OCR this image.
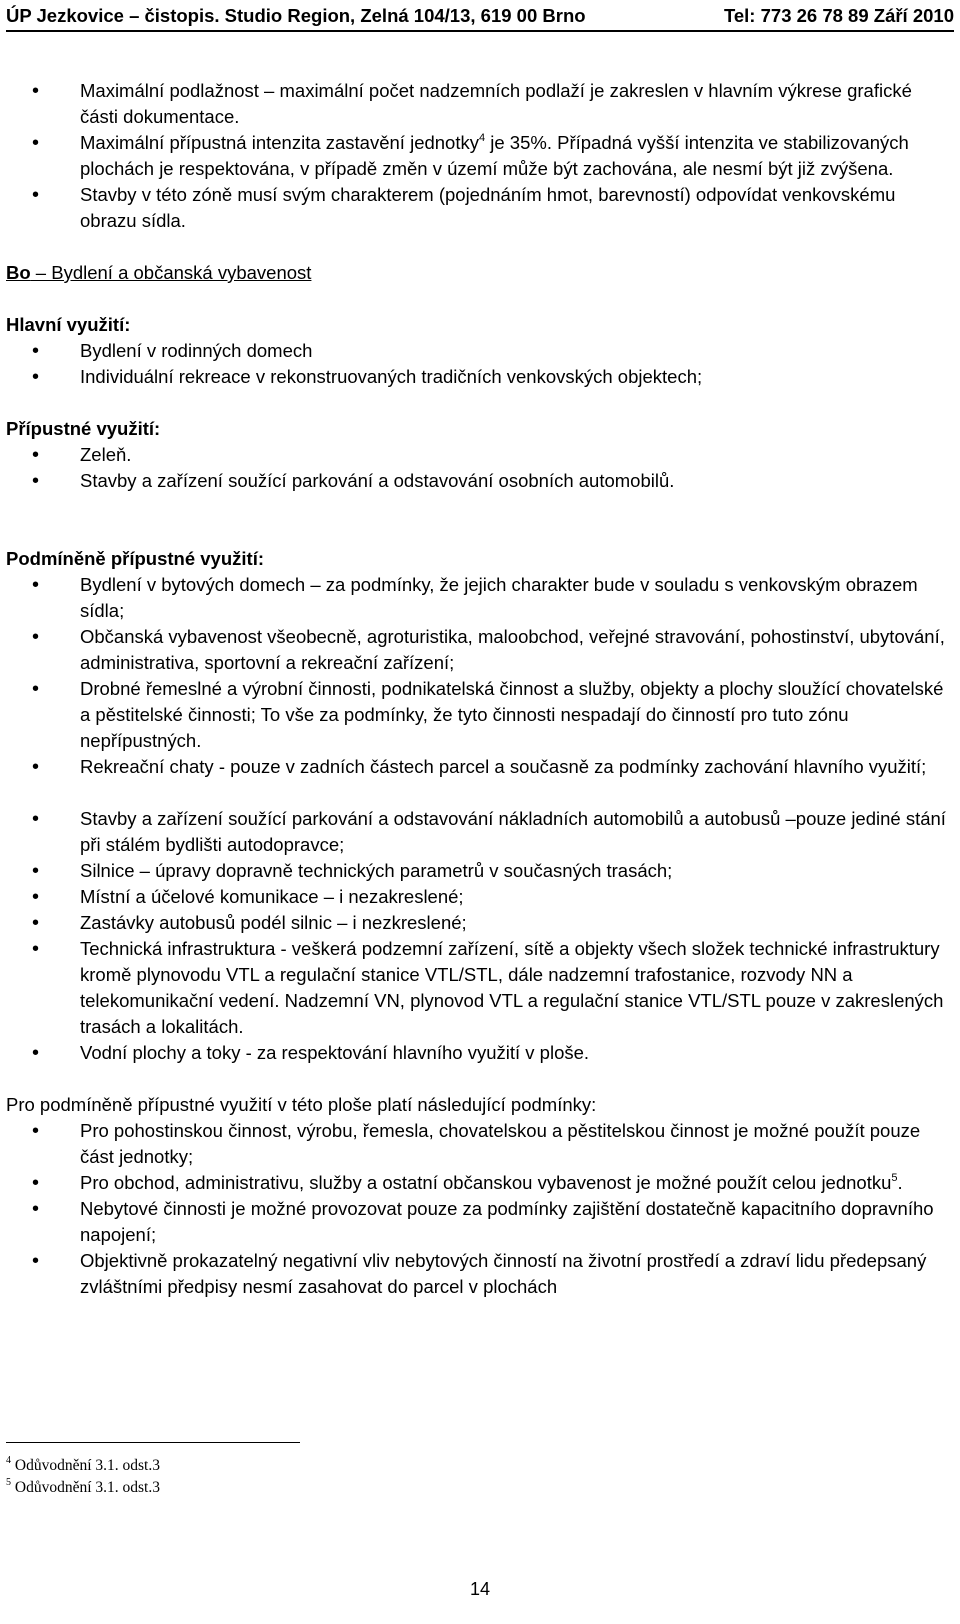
ÚP Jezkovice – čistopis. Studio Region, Zelná 104/13, 619 00 Brno	Tel: 773 26 78 89 Září 2010
• Maximální podlažnost – maximální počet nadzemních podlaží je zakreslen v hlavním výkrese grafické části dokumentace.
• Maximální přípustná intenzita zastavění jednotky$^4$ je 35%. Případná vyšší intenzita ve stabilizovaných plochách je respektována, v případě změn v území může být zachována, ale nesmí být již zvýšena.
• Stavby v této zóně musí svým charakterem (pojednáním hmot, barevností) odpovídat venkovskému obrazu sídla.

Bo – Bydlení a občanská vybavenost

Hlavní využití:

• Bydlení v rodinných domech
• Individuální rekreace v rekonstruovaných tradičních venkovských objektech;

Přípustné využití:

• Zeleň.
• Stavby a zařízení soužící parkování a odstavování osobních automobilů.

Podmíněně přípustné využití:

• Bydlení v bytových domech – za podmínky, že jejich charakter bude v souladu s venkovským obrazem sídla;
• Občanská vybavenost všeobecně, agroturistika, maloobchod, veřejné stravování, pohostinství, ubytování, administrativa, sportovní a rekreační zařízení;
• Drobné řemeslné a výrobní činnosti, podnikatelská činnost a služby, objekty a plochy sloužící chovatelské a pěstitelské činnosti; To vše za podmínky, že tyto činnosti nespadají do činností pro tuto zónu nepřípustných.
• Rekreační chaty - pouze v zadních částech parcel a současně za podmínky zachování hlavního využití;
• Stavby a zařízení soužící parkování a odstavování nákladních automobilů a autobusů –pouze jediné stání při stálém bydlišti autodopravce;
• Silnice – úpravy dopravně technických parametrů v současných trasách;
• Místní a účelové komunikace – i nezakreslené;
• Zastávky autobusů podél silnic – i nezkreslené;
• Technická infrastruktura - veškerá podzemní zařízení, sítě a objekty všech složek technické infrastruktury kromě plynovodu VTL a regulační stanice VTL/STL, dále nadzemní trafostanice, rozvody NN a telekomunikační vedení. Nadzemní VN, plynovod VTL a regulační stanice VTL/STL pouze v zakreslených trasách a lokalitách.
• Vodní plochy a toky - za respektování hlavního využití v ploše.

Pro podmíněně přípustné využití v této ploše platí následující podmínky:

• Pro pohostinskou činnost, výrobu, řemesla, chovatelskou a pěstitelskou činnost je možné použít pouze část jednotky;
• Pro obchod, administrativu, služby a ostatní občanskou vybavenost je možné použít celou jednotku$^5$.
• Nebytové činnosti je možné provozovat pouze za podmínky zajištění dostatečně kapacitního dopravního napojení;
• Objektivně prokazatelný negativní vliv nebytových činností na životní prostředí a zdraví lidu předepsaný zvláštními předpisy nesmí zasahovat do parcel v plochách
$^4$ Odůvodnění 3.1. odst.3
$^5$ Odůvodnění 3.1. odst.3
14
